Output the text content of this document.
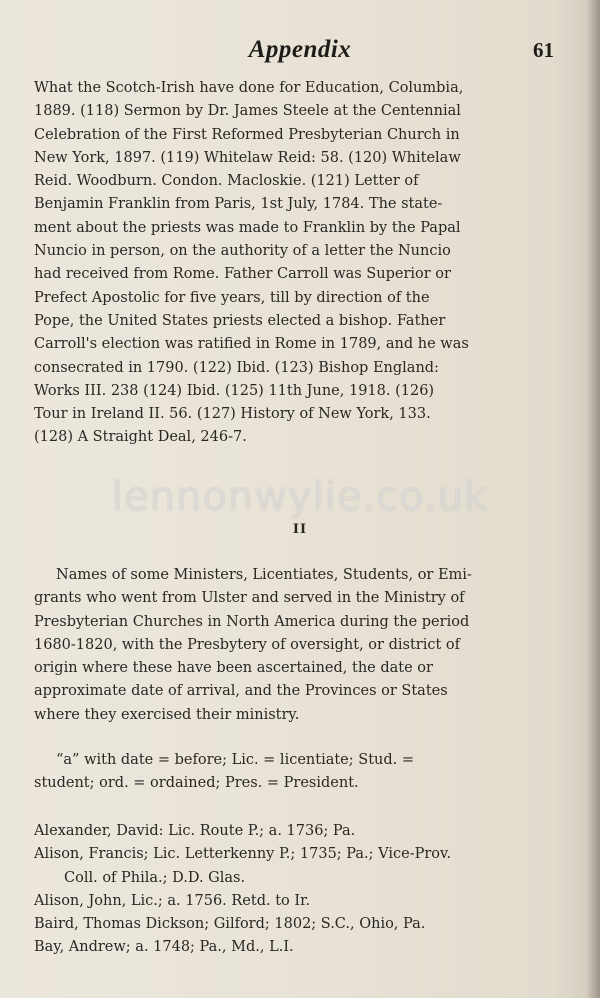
Appendix	61
What the Scotch-Irish have done for Education, Columbia,
1889. (118) Sermon by Dr. James Steele at the Centennial
Celebration of the First Reformed Presbyterian Church in
New York, 1897. (119) Whitelaw Reid: 58. (120) Whitelaw
Reid. Woodburn. Condon. Macloskie. (121) Letter of
Benjamin Franklin from Paris, 1st July, 1784. The state-
ment about the priests was made to Franklin by the Papal
Nuncio in person, on the authority of a letter the Nuncio
had received from Rome. Father Carroll was Superior or
Prefect Apostolic for five years, till by direction of the
Pope, the United States priests elected a bishop. Father
Carroll's election was ratified in Rome in 1789, and he was
consecrated in 1790. (122) Ibid. (123) Bishop England:
Works III. 238 (124) Ibid. (125) 11th June, 1918. (126)
Tour in Ireland II. 56. (127) History of New York, 133.
(128) A Straight Deal, 246-7.
lennonwylie.co.uk
II
Names of some Ministers, Licentiates, Students, or Emi-
grants who went from Ulster and served in the Ministry of
Presbyterian Churches in North America during the period
1680-1820, with the Presbytery of oversight, or district of
origin where these have been ascertained, the date or
approximate date of arrival, and the Provinces or States
where they exercised their ministry.
“a” with date = before; Lic. = licentiate; Stud. =
student; ord. = ordained; Pres. = President.
Alexander, David: Lic. Route P.; a. 1736; Pa.
Alison, Francis; Lic. Letterkenny P.; 1735; Pa.; Vice-Prov.
Coll. of Phila.; D.D. Glas.
Alison, John, Lic.; a. 1756. Retd. to Ir.
Baird, Thomas Dickson; Gilford; 1802; S.C., Ohio, Pa.
Bay, Andrew; a. 1748; Pa., Md., L.I.
